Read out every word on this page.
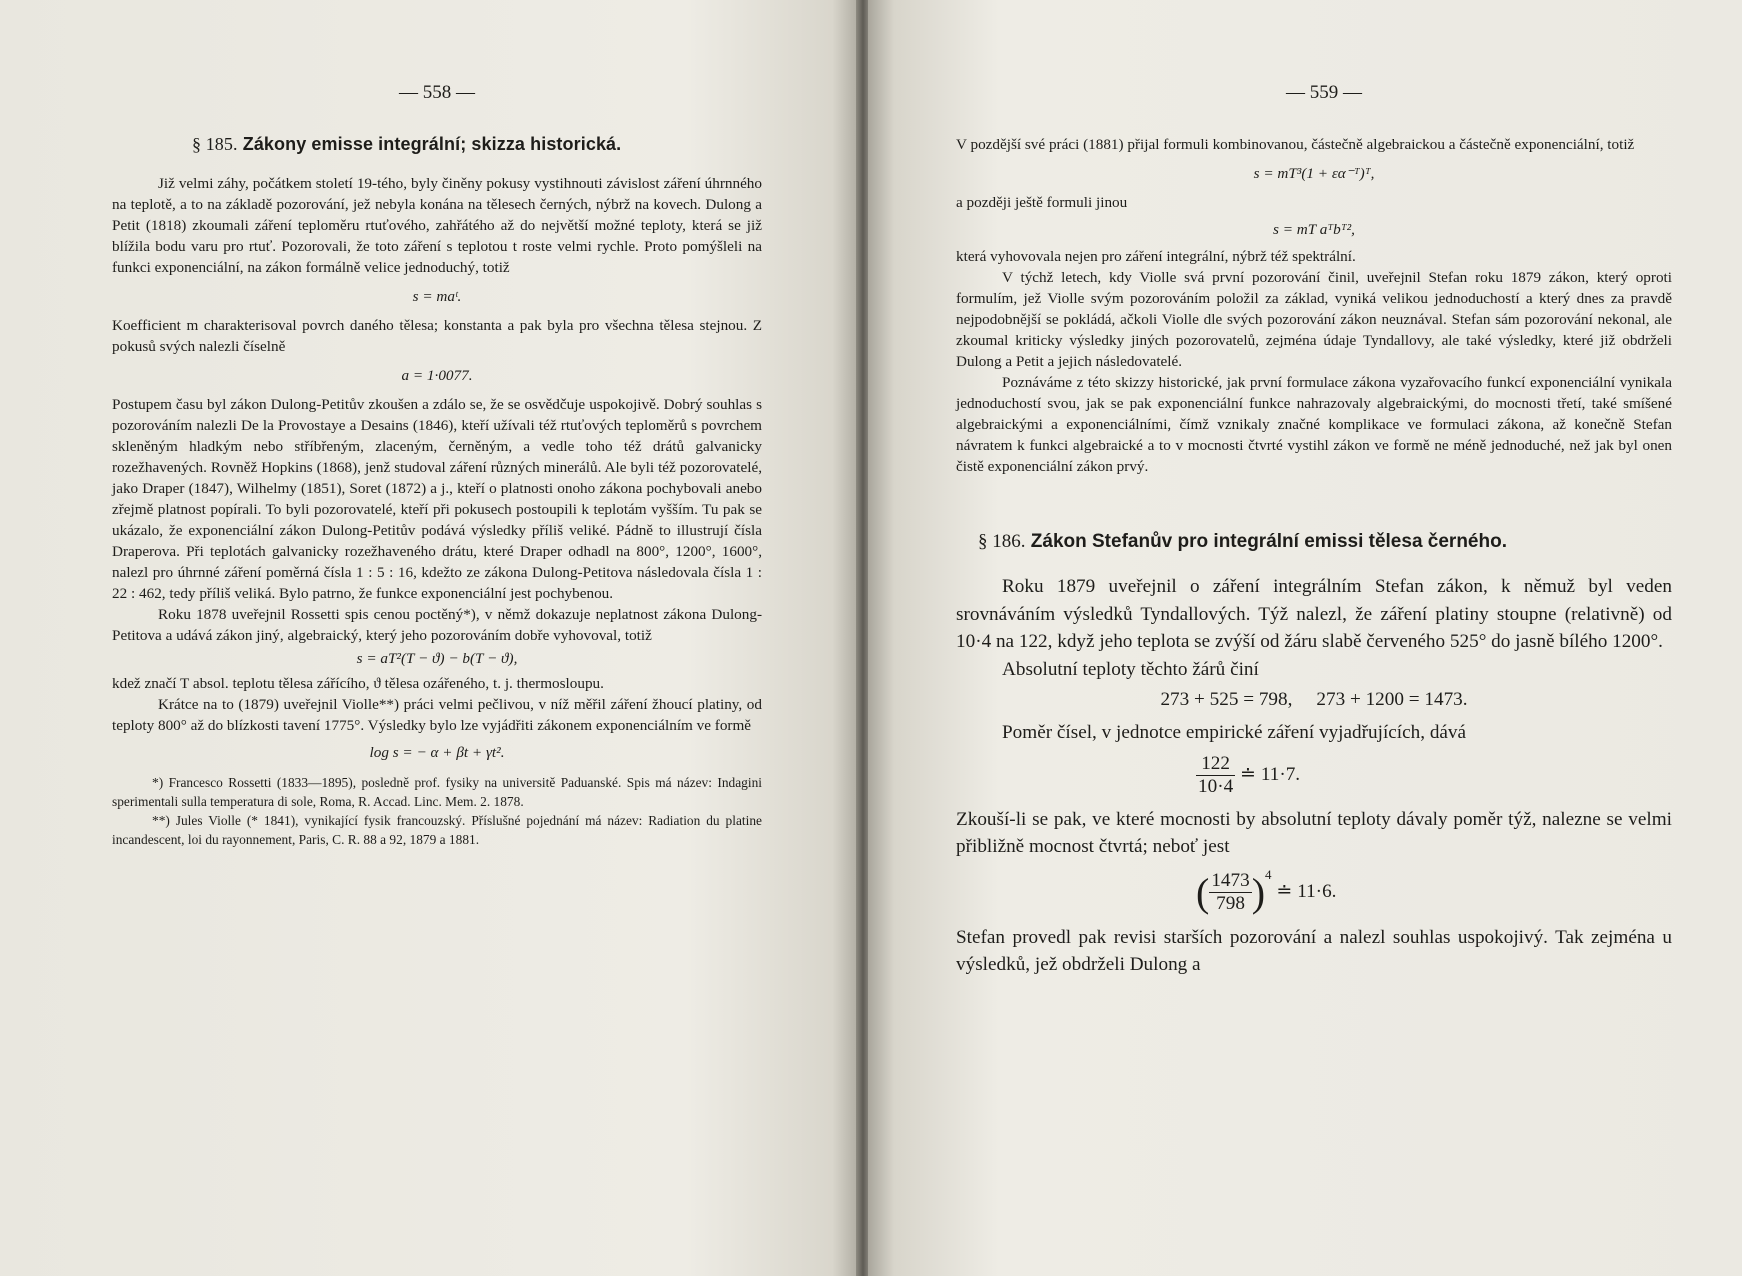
— 558 —
§ 185. Zákony emisse integrální; skizza historická.

Již velmi záhy, počátkem století 19-tého, byly činěny pokusy vystihnouti závislost záření úhrnného na teplotě, a to na základě pozorování, jež nebyla konána na tělesech černých, nýbrž na kovech. Dulong a Petit (1818) zkoumali záření teploměru rtuťového, zahřátého až do největší možné teploty, která se již blížila bodu varu pro rtuť. Pozorovali, že toto záření s teplotou t roste velmi rychle. Proto pomýšleli na funkci exponenciální, na zákon formálně velice jednoduchý, totiž

s = maᵗ.

Koefficient m charakterisoval povrch daného tělesa; konstanta a pak byla pro všechna tělesa stejnou. Z pokusů svých nalezli číselně

a = 1·0077.

Postupem času byl zákon Dulong-Petitův zkoušen a zdálo se, že se osvědčuje uspokojivě. Dobrý souhlas s pozorováním nalezli De la Provostaye a Desains (1846), kteří užívali též rtuťových teploměrů s povrchem skleněným hladkým nebo stříbřeným, zlaceným, černěným, a vedle toho též drátů galvanicky rozežhavených. Rovněž Hopkins (1868), jenž studoval záření různých minerálů. Ale byli též pozorovatelé, jako Draper (1847), Wilhelmy (1851), Soret (1872) a j., kteří o platnosti onoho zákona pochybovali anebo zřejmě platnost popírali. To byli pozorovatelé, kteří při pokusech postoupili k teplotám vyšším. Tu pak se ukázalo, že exponenciální zákon Dulong-Petitův podává výsledky příliš veliké. Pádně to illustrují čísla Draperova. Při teplotách galvanicky rozežhaveného drátu, které Draper odhadl na 800°, 1200°, 1600°, nalezl pro úhrnné záření poměrná čísla 1 : 5 : 16, kdežto ze zákona Dulong-Petitova následovala čísla 1 : 22 : 462, tedy příliš veliká. Bylo patrno, že funkce exponenciální jest pochybenou.

Roku 1878 uveřejnil Rossetti spis cenou poctěný*), v němž dokazuje neplatnost zákona Dulong-Petitova a udává zákon jiný, algebraický, který jeho pozorováním dobře vyhovoval, totiž

s = aT²(T − ϑ) − b(T − ϑ),

kdež značí T absol. teplotu tělesa zářícího, ϑ tělesa ozářeného, t. j. thermosloupu.

Krátce na to (1879) uveřejnil Violle**) práci velmi pečlivou, v níž měřil záření žhoucí platiny, od teploty 800° až do blízkosti tavení 1775°. Výsledky bylo lze vyjádřiti zákonem exponenciálním ve formě

log s = − α + βt + γt².

*) Francesco Rossetti (1833—1895), posledně prof. fysiky na universitě Paduanské. Spis má název: Indagini sperimentali sulla temperatura di sole, Roma, R. Accad. Linc. Mem. 2. 1878.

**) Jules Violle (* 1841), vynikající fysik francouzský. Příslušné pojednání má název: Radiation du platine incandescent, loi du rayonnement, Paris, C. R. 88 a 92, 1879 a 1881.

— 559 —

V pozdější své práci (1881) přijal formuli kombinovanou, částečně algebraickou a částečně exponenciální, totiž

s = mT³(1 + εα⁻ᵀ)ᵀ,

a později ještě formuli jinou

s = mT aᵀbᵀ²,

která vyhovovala nejen pro záření integrální, nýbrž též spektrální.

V týchž letech, kdy Violle svá první pozorování činil, uveřejnil Stefan roku 1879 zákon, který oproti formulím, jež Violle svým pozorováním položil za základ, vyniká velikou jednoduchostí a který dnes za pravdě nejpodobnější se pokládá, ačkoli Violle dle svých pozorování zákon neuznával. Stefan sám pozorování nekonal, ale zkoumal kriticky výsledky jiných pozorovatelů, zejména údaje Tyndallovy, ale také výsledky, které již obdrželi Dulong a Petit a jejich následovatelé.

Poznáváme z této skizzy historické, jak první formulace zákona vyzařovacího funkcí exponenciální vynikala jednoduchostí svou, jak se pak exponenciální funkce nahrazovaly algebraickými, do mocnosti třetí, také smíšené algebraickými a exponenciálními, čímž vznikaly značné komplikace ve formulaci zákona, až konečně Stefan návratem k funkci algebraické a to v mocnosti čtvrté vystihl zákon ve formě ne méně jednoduché, než jak byl onen čistě exponenciální zákon prvý.

§ 186. Zákon Stefanův pro integrální emissi tělesa černého.

Roku 1879 uveřejnil o záření integrálním Stefan zákon, k němuž byl veden srovnáváním výsledků Tyndallových. Týž nalezl, že záření platiny stoupne (relativně) od 10·4 na 122, když jeho teplota se zvýší od žáru slabě červeného 525° do jasně bílého 1200°.

Absolutní teploty těchto žárů činí

273 + 525 = 798,     273 + 1200 = 1473.

Poměr čísel, v jednotce empirické záření vyjadřujících, dává

$\frac{122}{10\cdot 4}$ ≐ 11·7.

Zkouší-li se pak, ve které mocnosti by absolutní teploty dávaly poměr týž, nalezne se velmi přibližně mocnost čtvrtá; neboť jest

( $\frac{1473}{798} )^4$ ≐ 11·6.

Stefan provedl pak revisi starších pozorování a nalezl souhlas uspokojivý. Tak zejména u výsledků, jež obdrželi Dulong a
